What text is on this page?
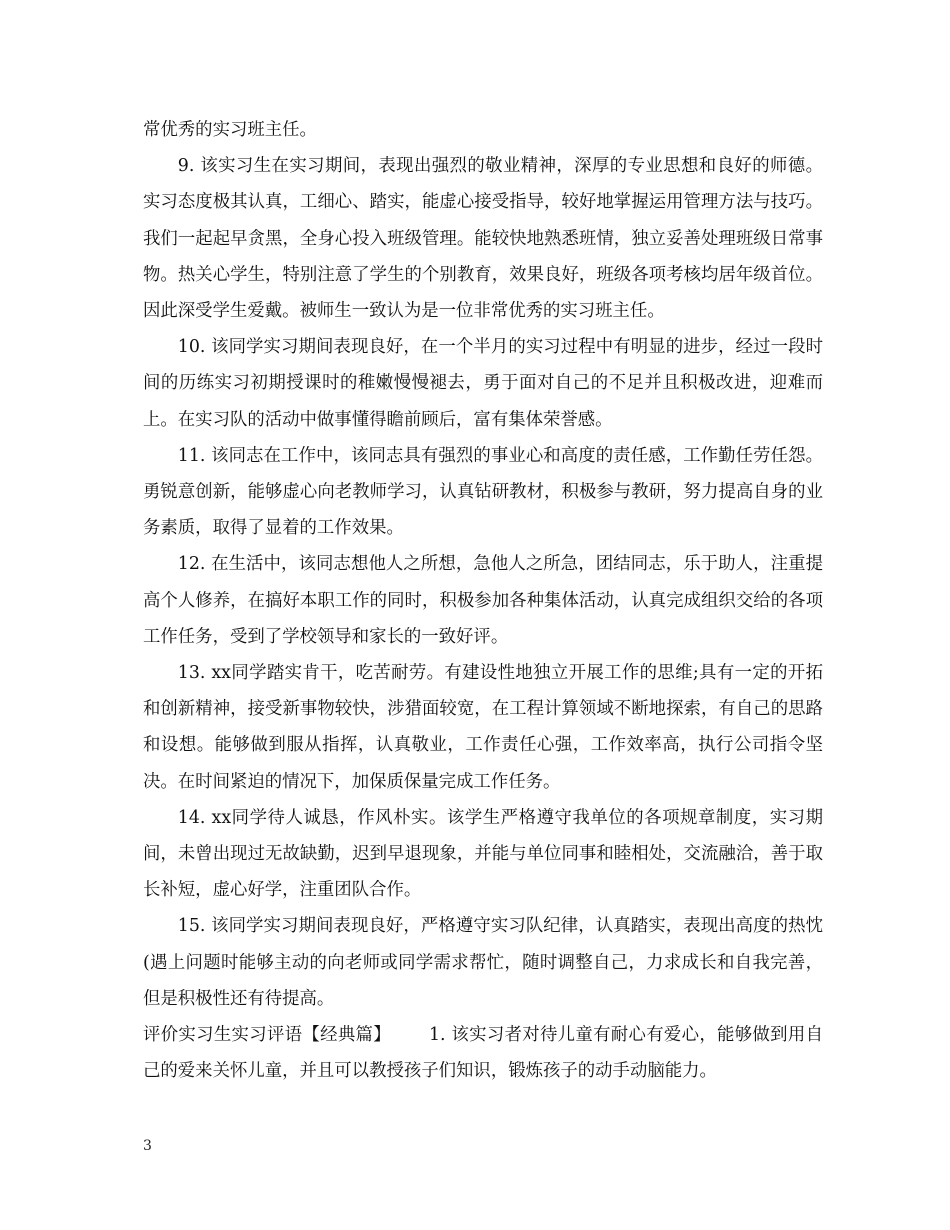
常优秀的实习班主任。

9. 该实习生在实习期间，表现出强烈的敬业精神，深厚的专业思想和良好的师德。实习态度极其认真，工细心、踏实，能虚心接受指导，较好地掌握运用管理方法与技巧。我们一起起早贪黑，全身心投入班级管理。能较快地熟悉班情，独立妥善处理班级日常事物。热关心学生，特别注意了学生的个别教育，效果良好，班级各项考核均居年级首位。因此深受学生爱戴。被师生一致认为是一位非常优秀的实习班主任。

10. 该同学实习期间表现良好，在一个半月的实习过程中有明显的进步，经过一段时间的历练实习初期授课时的稚嫩慢慢褪去，勇于面对自己的不足并且积极改进，迎难而上。在实习队的活动中做事懂得瞻前顾后，富有集体荣誉感。

11. 该同志在工作中，该同志具有强烈的事业心和高度的责任感，工作勤任劳任怨。勇锐意创新，能够虚心向老教师学习，认真钻研教材，积极参与教研，努力提高自身的业务素质，取得了显着的工作效果。

12. 在生活中，该同志想他人之所想，急他人之所急，团结同志，乐于助人，注重提高个人修养，在搞好本职工作的同时，积极参加各种集体活动，认真完成组织交给的各项工作任务，受到了学校领导和家长的一致好评。

13. xx同学踏实肯干，吃苦耐劳。有建设性地独立开展工作的思维;具有一定的开拓和创新精神，接受新事物较快，涉猎面较宽，在工程计算领域不断地探索，有自己的思路和设想。能够做到服从指挥，认真敬业，工作责任心强，工作效率高，执行公司指令坚决。在时间紧迫的情况下，加保质保量完成工作任务。

14. xx同学待人诚恳，作风朴实。该学生严格遵守我单位的各项规章制度，实习期间，未曾出现过无故缺勤，迟到早退现象，并能与单位同事和睦相处，交流融洽，善于取长补短，虚心好学，注重团队合作。

15. 该同学实习期间表现良好，严格遵守实习队纪律，认真踏实，表现出高度的热忱(遇上问题时能够主动的向老师或同学需求帮忙，随时调整自己，力求成长和自我完善，但是积极性还有待提高。

评价实习生实习评语【经典篇】 1. 该实习者对待儿童有耐心有爱心，能够做到用自己的爱来关怀儿童，并且可以教授孩子们知识，锻炼孩子的动手动脑能力。

3
